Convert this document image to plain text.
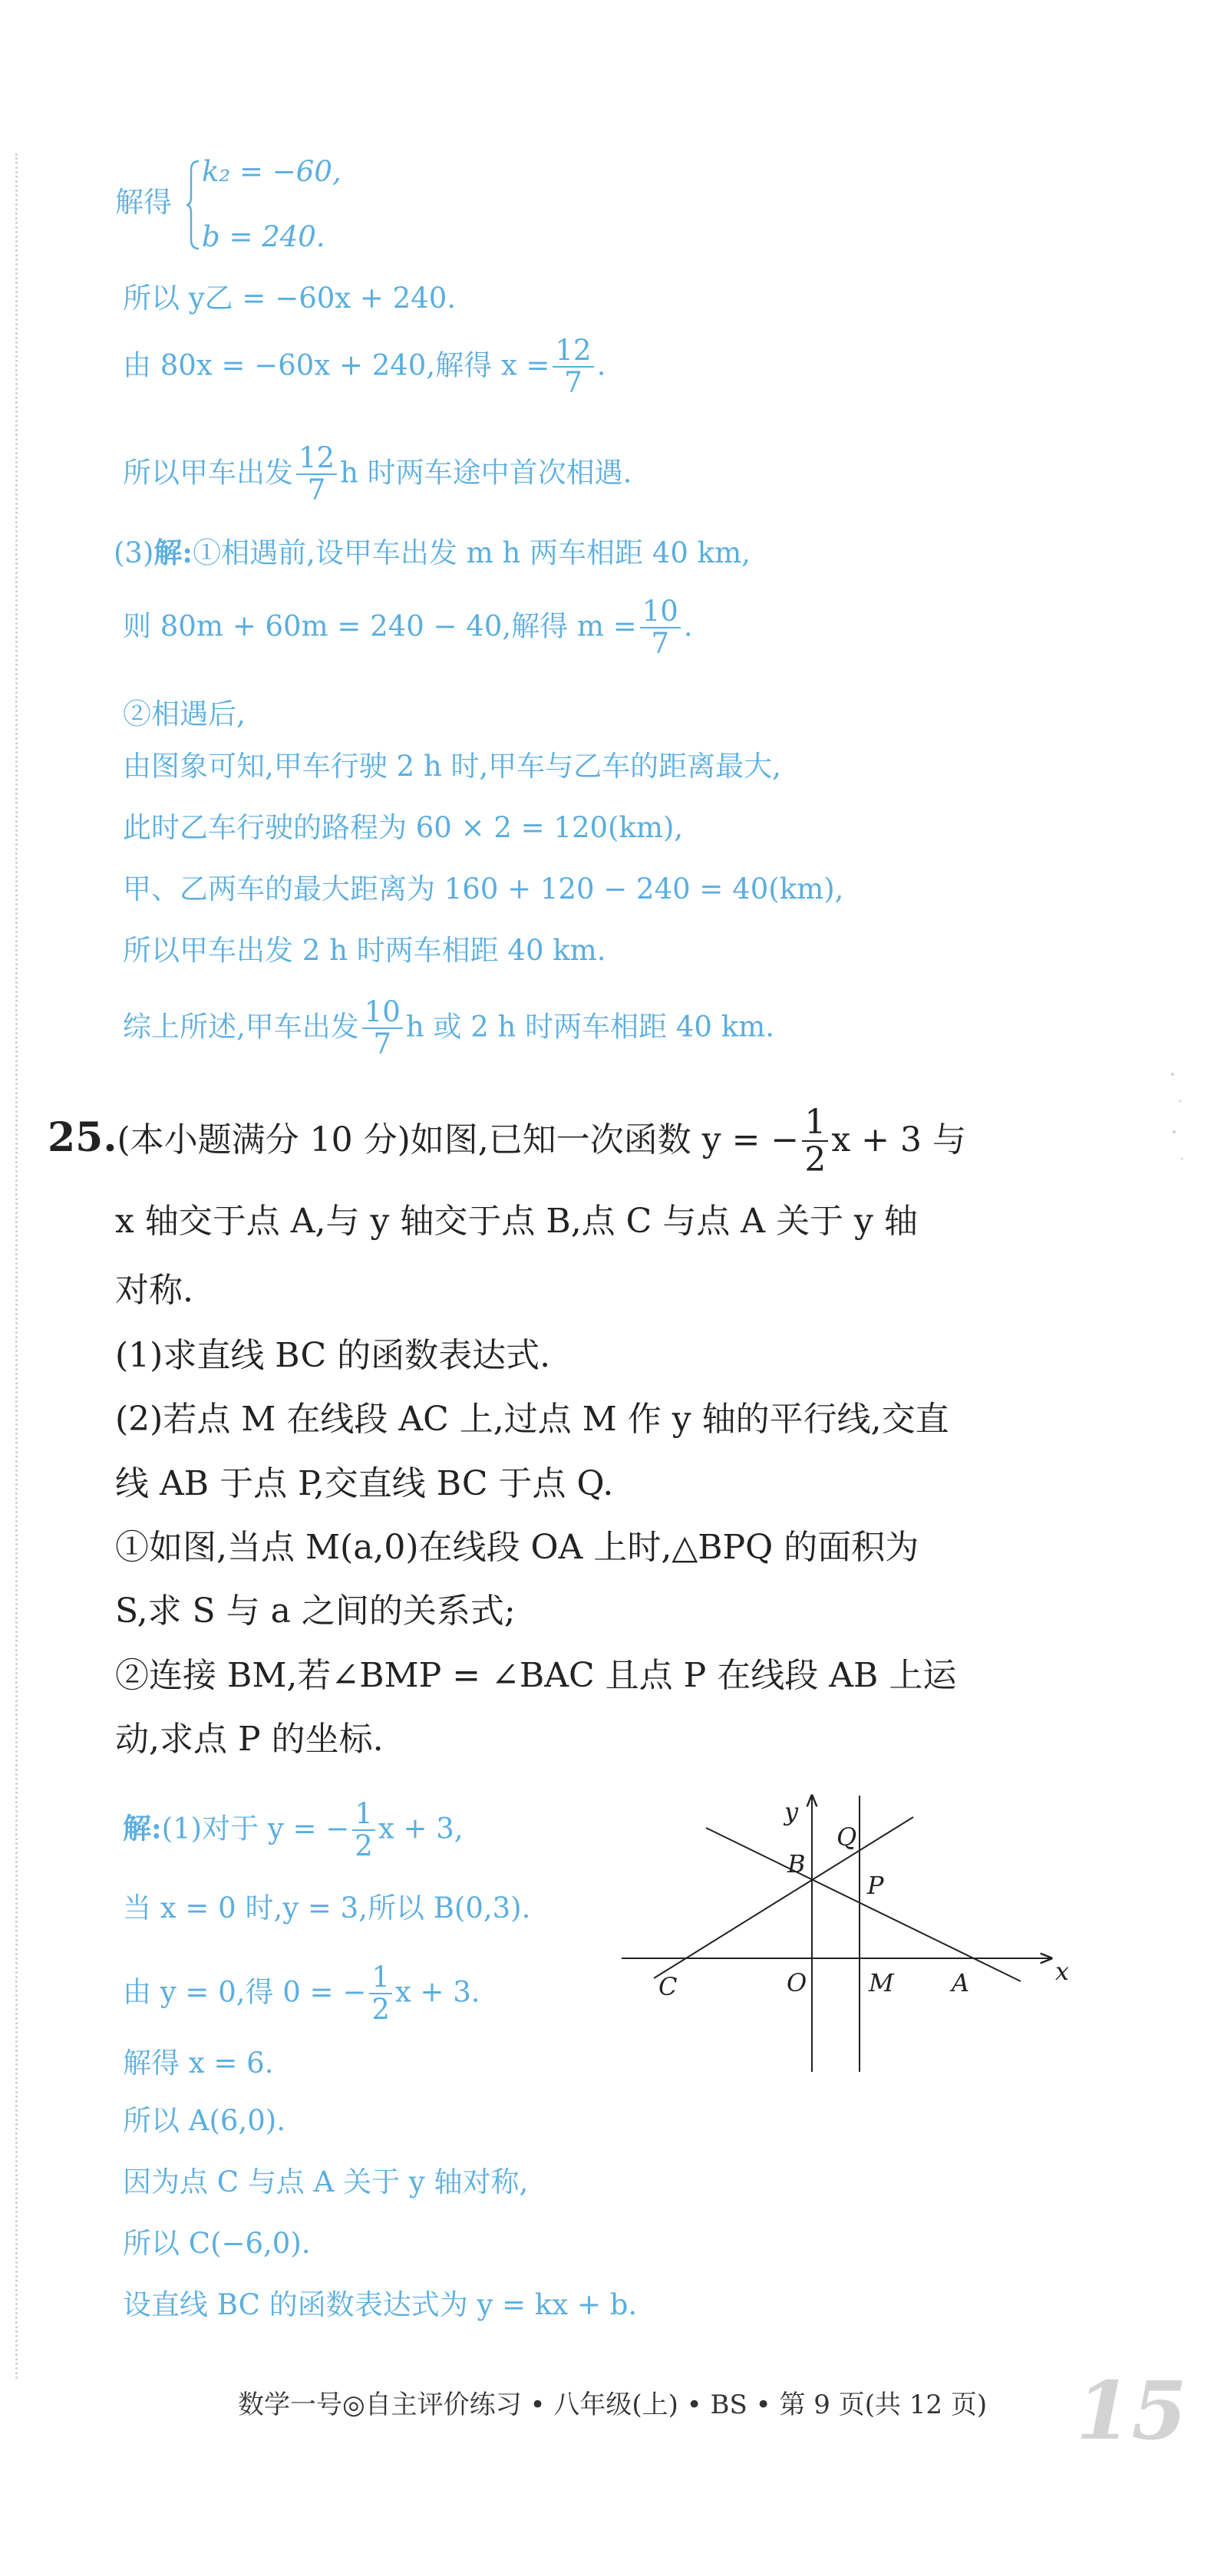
解得
k₂ = −60,
b = 240.
所以 y乙 = −60x + 240.
由 80x = −60x + 240,解得 $x = \frac{12}{7}$ .
所以甲车出发 $\frac{12}{7}$ h 时两车途中首次相遇.
(3)解:①相遇前,设甲车出发 m h 两车相距 40 km,
则 80m + 60m = 240 − 40,解得 $m = \frac{10}{7}$ .
②相遇后,
由图象可知,甲车行驶 2 h 时,甲车与乙车的距离最大,
此时乙车行驶的路程为 60 × 2 = 120(km),
甲、乙两车的最大距离为 160 + 120 − 240 = 40(km),
所以甲车出发 2 h 时两车相距 40 km.
综上所述,甲车出发 $\frac{10}{7}$ h 或 2 h 时两车相距 40 km.
25.(本小题满分 10 分)如图,已知一次函数 y = − $\frac{1}{2}$ x + 3 与
x 轴交于点 A,与 y 轴交于点 B,点 C 与点 A 关于 y 轴
对称.
(1)求直线 BC 的函数表达式.
(2)若点 M 在线段 AC 上,过点 M 作 y 轴的平行线,交直
线 AB 于点 P,交直线 BC 于点 Q.
①如图,当点 M(a,0)在线段 OA 上时,△BPQ 的面积为
S,求 S 与 a 之间的关系式;
②连接 BM,若∠BMP = ∠BAC 且点 P 在线段 AB 上运
动,求点 P 的坐标.
解:(1)对于 y = − $\frac{1}{2}$ x + 3,
当 x = 0 时,y = 3,所以 B(0,3).
由 y = 0,得 0 = − $\frac{1}{2}$ x + 3.
解得 x = 6.
所以 A(6,0).
因为点 C 与点 A 关于 y 轴对称,
所以 C(−6,0).
设直线 BC 的函数表达式为 y = kx + b.
y
Q
B
P
C	O	M A	x
数学一号◎自主评价练习 • 八年级(上) • BS • 第 9 页(共 12 页) 15
